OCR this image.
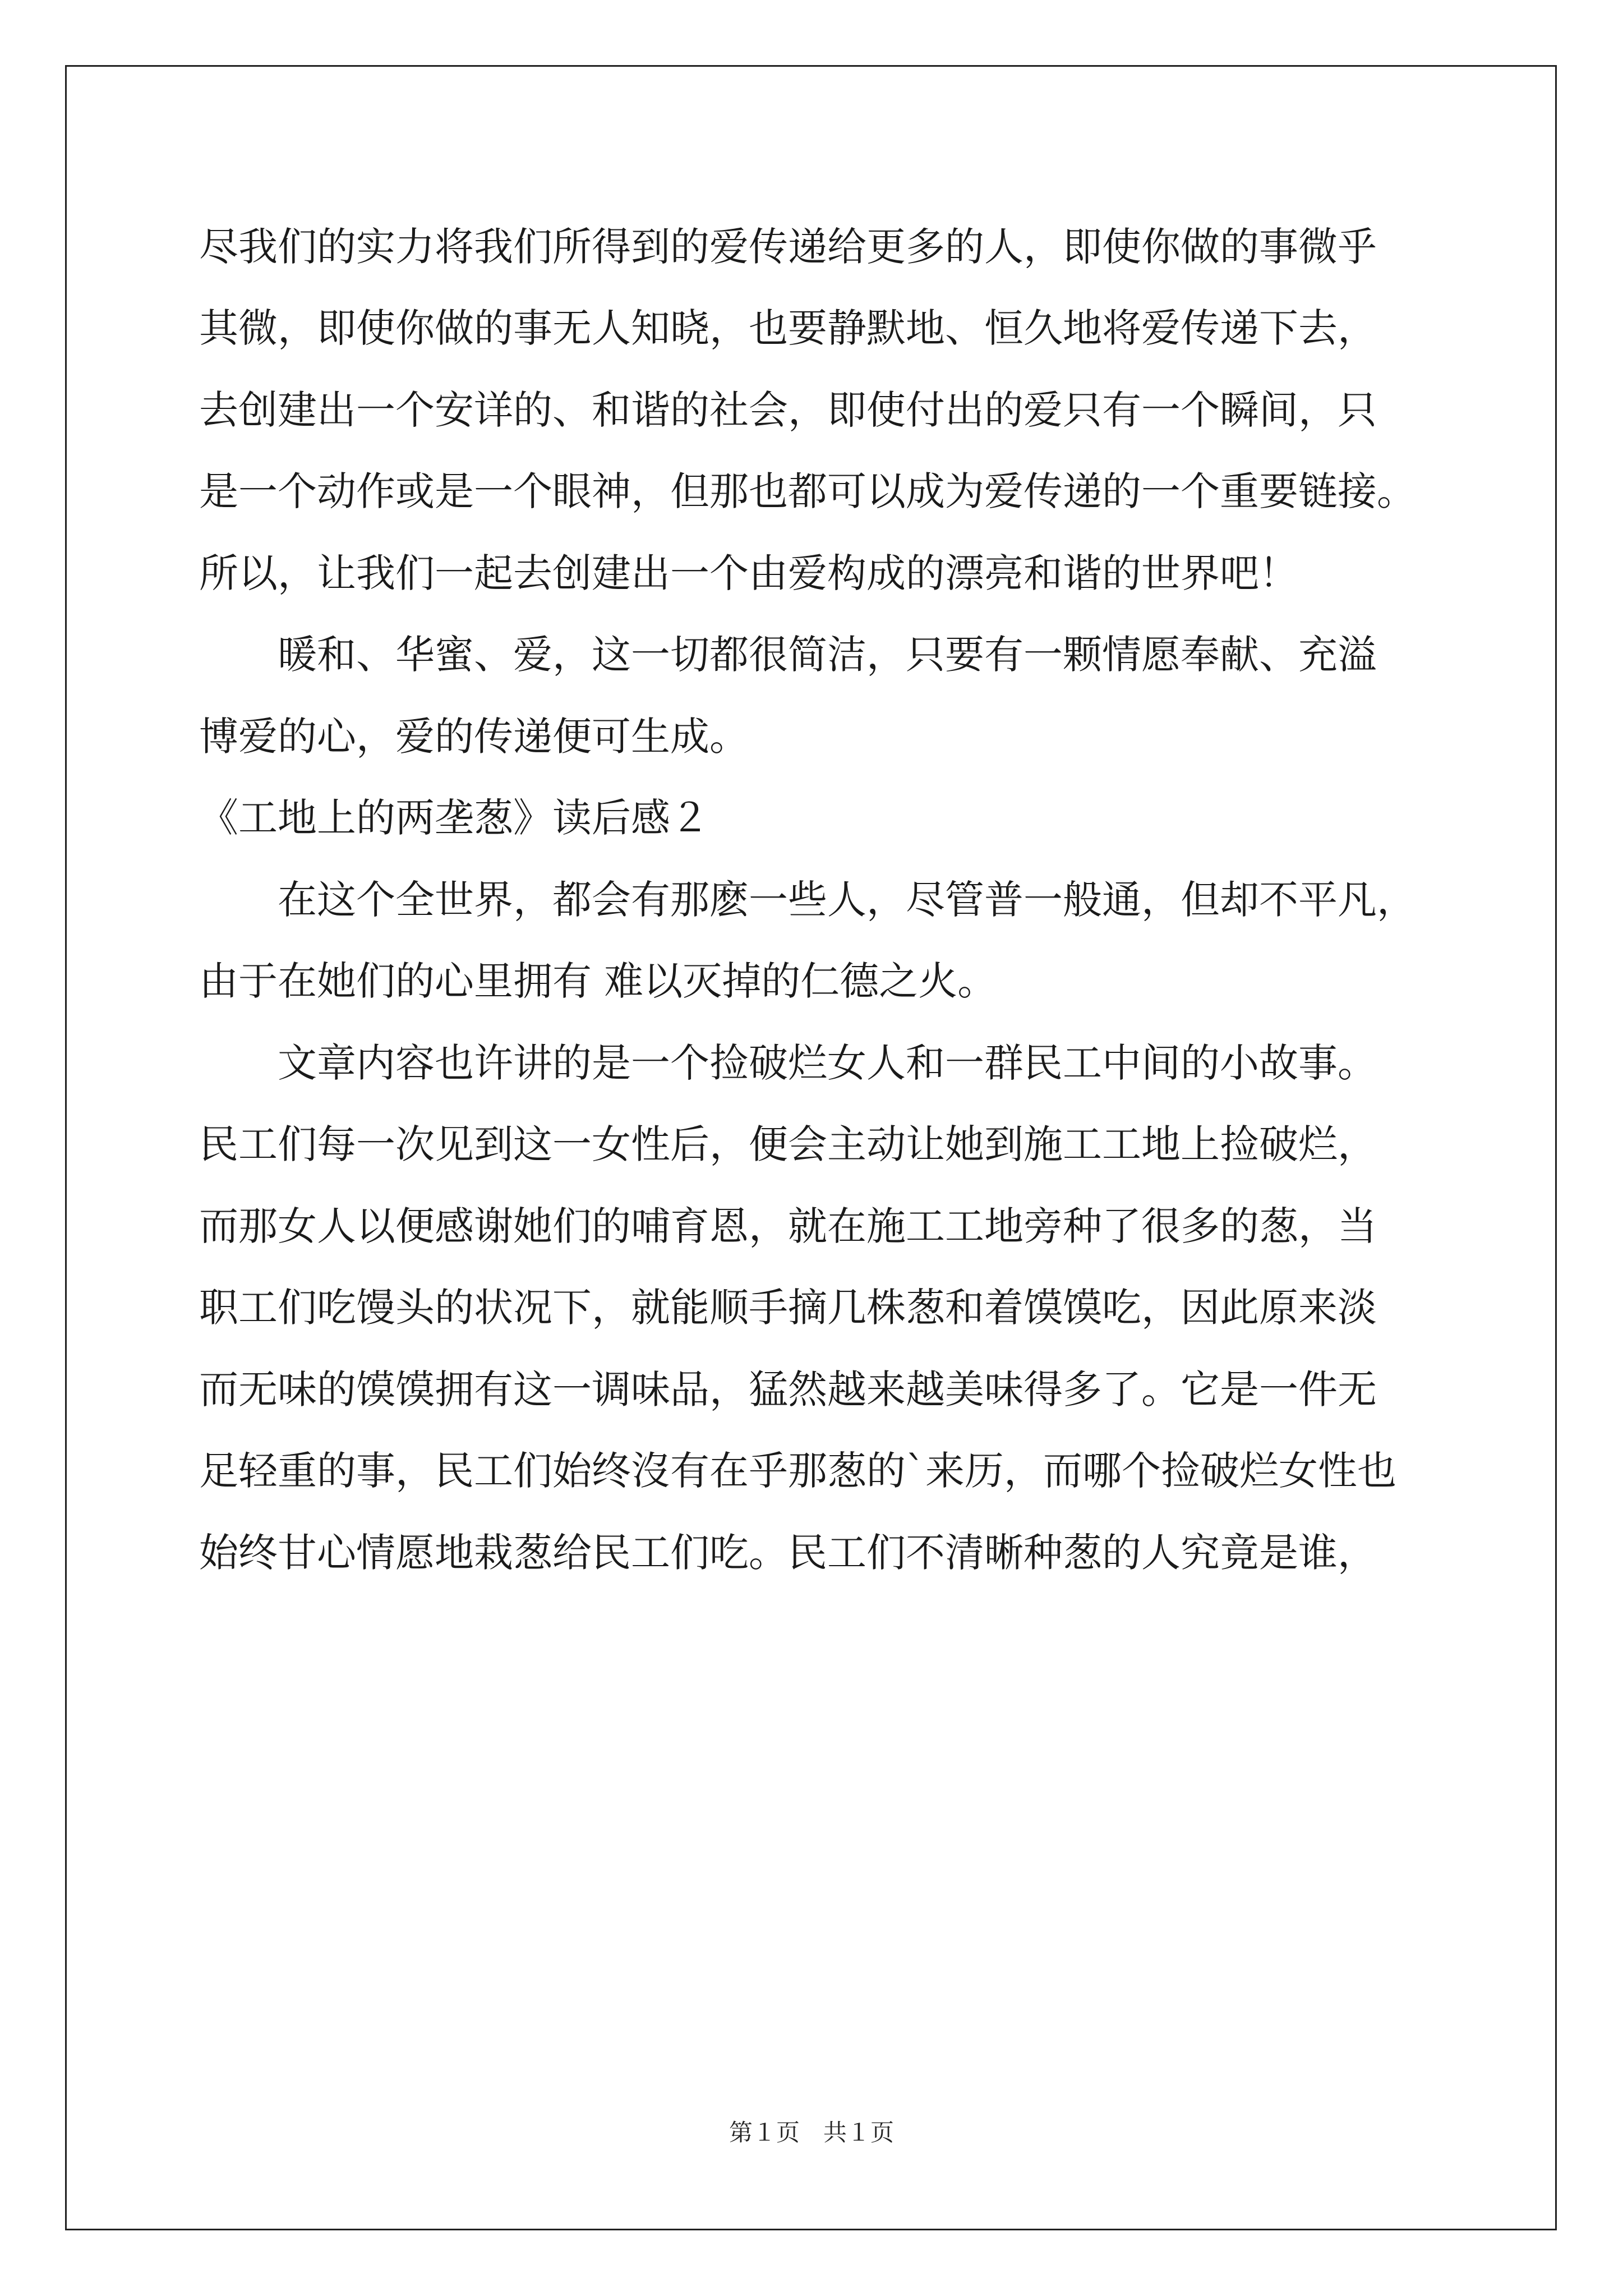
尽我们的实力将我们所得到的爱传递给更多的人，即使你做的事微乎
其微，即使你做的事无人知晓，也要静默地、恒久地将爱传递下去，
去创建出一个安详的、和谐的社会，即使付出的爱只有一个瞬间，只
是一个动作或是一个眼神，但那也都可以成为爱传递的一个重要链接。
所以，让我们一起去创建出一个由爱构成的漂亮和谐的世界吧！
　　暖和、华蜜、爱，这一切都很简洁，只要有一颗情愿奉献、充溢
博爱的心，爱的传递便可生成。
《工地上的两垄葱》读后感２
　　在这个全世界，都会有那麽一些人，尽管普一般通，但却不平凡，
由于在她们的心里拥有 难以灭掉的仁德之火。
　　文章内容也许讲的是一个捡破烂女人和一群民工中间的小故事。
民工们每一次见到这一女性后，便会主动让她到施工工地上捡破烂，
而那女人以便感谢她们的哺育恩，就在施工工地旁种了很多的葱，当
职工们吃馒头的状况下，就能顺手摘几株葱和着馍馍吃，因此原来淡
而无味的馍馍拥有这一调味品，猛然越来越美味得多了。它是一件无
足轻重的事，民工们始终沒有在乎那葱的`来历，而哪个捡破烂女性也
始终甘心情愿地栽葱给民工们吃。民工们不清晰种葱的人究竟是谁，
第１页　共１页
